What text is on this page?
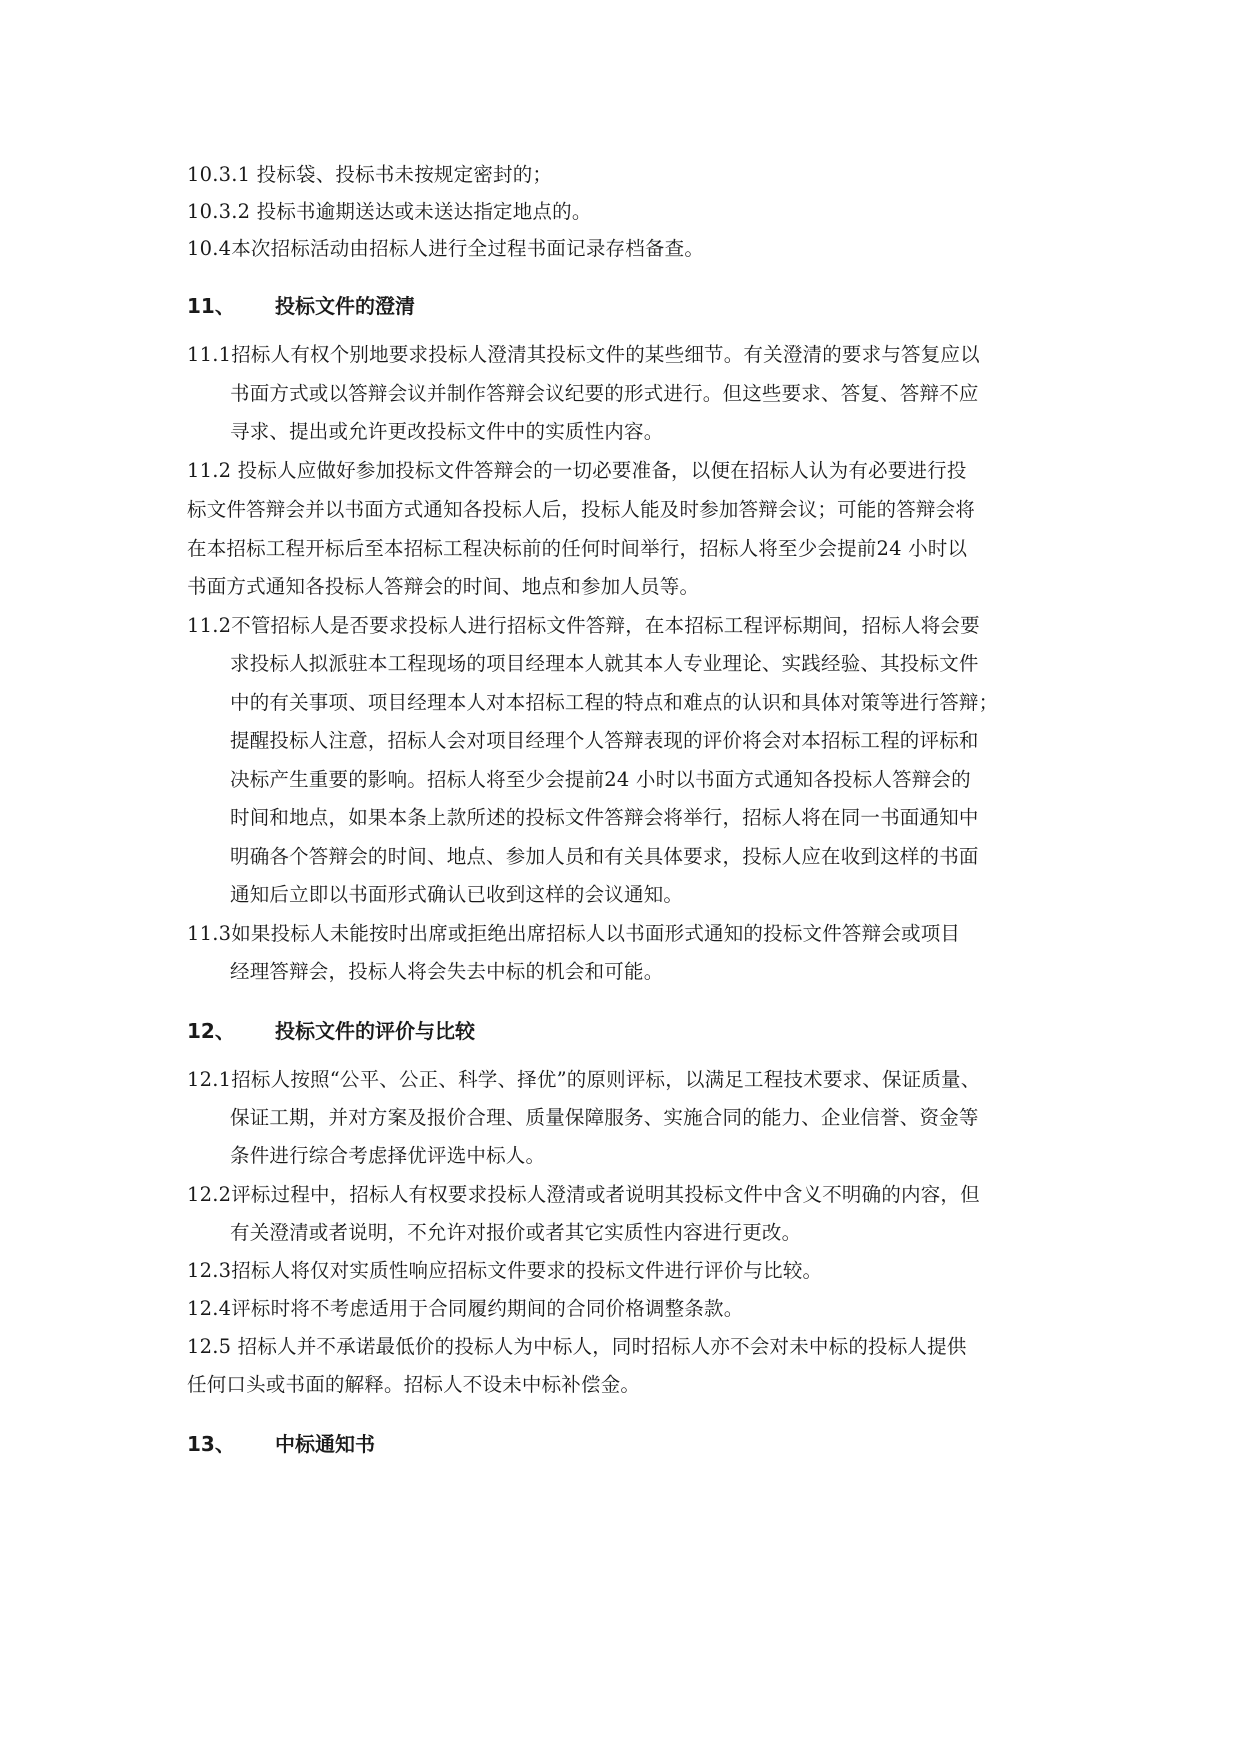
10.3.1 投标袋、投标书未按规定密封的；
10.3.2 投标书逾期送达或未送达指定地点的。
10.4本次招标活动由招标人进行全过程书面记录存档备查。
11、 投标文件的澄清
11.1招标人有权个别地要求投标人澄清其投标文件的某些细节。有关澄清的要求与答复应以
书面方式或以答辩会议并制作答辩会议纪要的形式进行。但这些要求、答复、答辩不应
寻求、提出或允许更改投标文件中的实质性内容。
11.2 投标人应做好参加投标文件答辩会的一切必要准备，以便在招标人认为有必要进行投
标文件答辩会并以书面方式通知各投标人后，投标人能及时参加答辩会议；可能的答辩会将
在本招标工程开标后至本招标工程决标前的任何时间举行，招标人将至少会提前24 小时以
书面方式通知各投标人答辩会的时间、地点和参加人员等。
11.2不管招标人是否要求投标人进行招标文件答辩，在本招标工程评标期间，招标人将会要
求投标人拟派驻本工程现场的项目经理本人就其本人专业理论、实践经验、其投标文件
中的有关事项、项目经理本人对本招标工程的特点和难点的认识和具体对策等进行答辩；
提醒投标人注意，招标人会对项目经理个人答辩表现的评价将会对本招标工程的评标和
决标产生重要的影响。招标人将至少会提前24 小时以书面方式通知各投标人答辩会的
时间和地点，如果本条上款所述的投标文件答辩会将举行，招标人将在同一书面通知中
明确各个答辩会的时间、地点、参加人员和有关具体要求，投标人应在收到这样的书面
通知后立即以书面形式确认已收到这样的会议通知。
11.3如果投标人未能按时出席或拒绝出席招标人以书面形式通知的投标文件答辩会或项目
经理答辩会，投标人将会失去中标的机会和可能。
12、 投标文件的评价与比较
12.1招标人按照“公平、公正、科学、择优”的原则评标，以满足工程技术要求、保证质量、
保证工期，并对方案及报价合理、质量保障服务、实施合同的能力、企业信誉、资金等
条件进行综合考虑择优评选中标人。
12.2评标过程中，招标人有权要求投标人澄清或者说明其投标文件中含义不明确的内容，但
有关澄清或者说明，不允许对报价或者其它实质性内容进行更改。
12.3招标人将仅对实质性响应招标文件要求的投标文件进行评价与比较。
12.4评标时将不考虑适用于合同履约期间的合同价格调整条款。
12.5 招标人并不承诺最低价的投标人为中标人，同时招标人亦不会对未中标的投标人提供
任何口头或书面的解释。招标人不设未中标补偿金。
13、 中标通知书
